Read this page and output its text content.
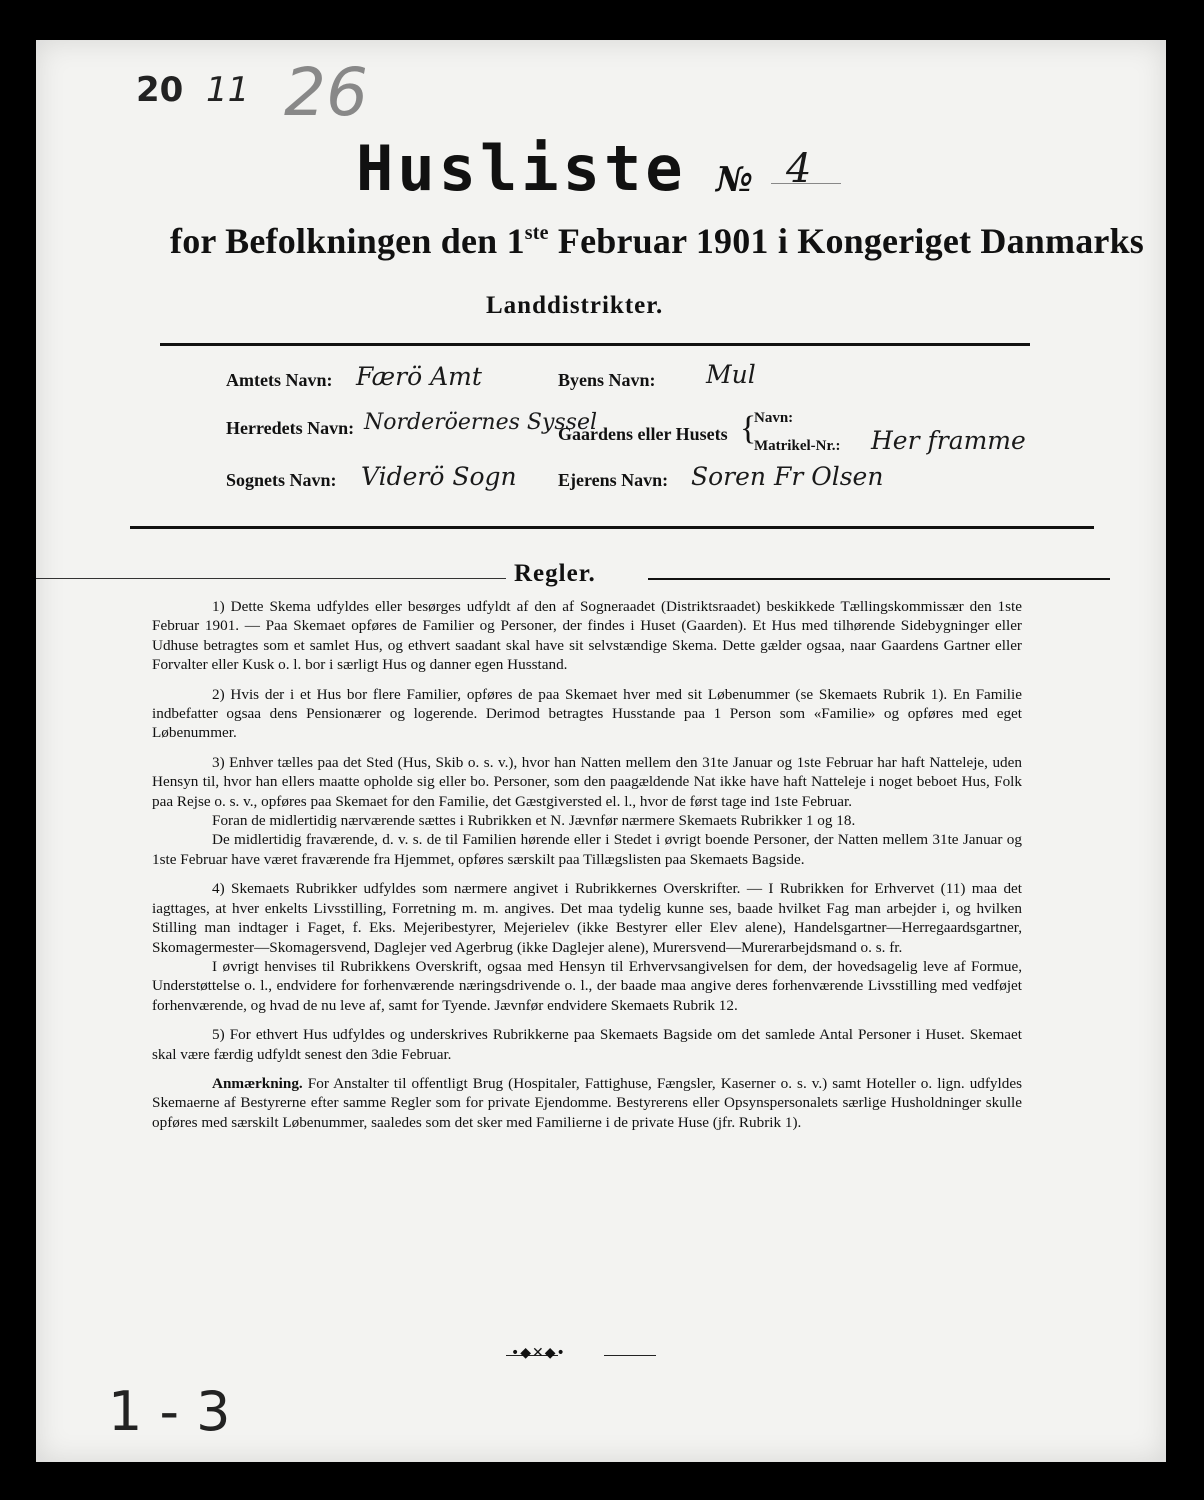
20 11 26
Husliste № 4
for Befolkningen den 1ste Februar 1901 i Kongeriget Danmarks
Landdistrikter.
Amtets Navn: Færö Amt	Byens Navn: Mul
Herredets Navn: Norderöernes Syssel
Gaardens eller Husets {
Navn:
Matrikel-Nr.: Her framme
Sognets Navn: Viderö Sogn Ejerens Navn: Soren Fr Olsen
Regler.

1) Dette Skema udfyldes eller besørges udfyldt af den af Sogneraadet (Distriktsraadet) beskikkede Tællingskommissær den 1ste Februar 1901. — Paa Skemaet opføres de Familier og Personer, der findes i Huset (Gaarden). Et Hus med tilhørende Sidebygninger eller Udhuse betragtes som et samlet Hus, og ethvert saadant skal have sit selvstændige Skema. Dette gælder ogsaa, naar Gaardens Gartner eller Forvalter eller Kusk o. l. bor i særligt Hus og danner egen Husstand.

2) Hvis der i et Hus bor flere Familier, opføres de paa Skemaet hver med sit Løbenummer (se Skemaets Rubrik 1). En Familie indbefatter ogsaa dens Pensionærer og logerende. Derimod betragtes Husstande paa 1 Person som «Familie» og opføres med eget Løbenummer.

3) Enhver tælles paa det Sted (Hus, Skib o. s. v.), hvor han Natten mellem den 31te Januar og 1ste Februar har haft Natteleje, uden Hensyn til, hvor han ellers maatte opholde sig eller bo. Personer, som den paagældende Nat ikke have haft Natteleje i noget beboet Hus, Folk paa Rejse o. s. v., opføres paa Skemaet for den Familie, det Gæstgiversted el. l., hvor de først tage ind 1ste Februar.

Foran de midlertidig nærværende sættes i Rubrikken et N. Jævnfør nærmere Skemaets Rubrikker 1 og 18.

De midlertidig fraværende, d. v. s. de til Familien hørende eller i Stedet i øvrigt boende Personer, der Natten mellem 31te Januar og 1ste Februar have været fraværende fra Hjemmet, opføres særskilt paa Tillægslisten paa Skemaets Bagside.

4) Skemaets Rubrikker udfyldes som nærmere angivet i Rubrikkernes Overskrifter. — I Rubrikken for Erhvervet (11) maa det iagttages, at hver enkelts Livsstilling, Forretning m. m. angives. Det maa tydelig kunne ses, baade hvilket Fag man arbejder i, og hvilken Stilling man indtager i Faget, f. Eks. Mejeribestyrer, Mejerielev (ikke Bestyrer eller Elev alene), Handelsgartner—Herregaardsgartner, Skomagermester—Skomagersvend, Daglejer ved Agerbrug (ikke Daglejer alene), Murersvend—Murerarbejdsmand o. s. fr.

I øvrigt henvises til Rubrikkens Overskrift, ogsaa med Hensyn til Erhvervsangivelsen for dem, der hovedsagelig leve af Formue, Understøttelse o. l., endvidere for forhenværende næringsdrivende o. l., der baade maa angive deres forhenværende Livsstilling med vedføjet forhenværende, og hvad de nu leve af, samt for Tyende. Jævnfør endvidere Skemaets Rubrik 12.

5) For ethvert Hus udfyldes og underskrives Rubrikkerne paa Skemaets Bagside om det samlede Antal Personer i Huset. Skemaet skal være færdig udfyldt senest den 3die Februar.

Anmærkning. For Anstalter til offentligt Brug (Hospitaler, Fattighuse, Fængsler, Kaserner o. s. v.) samt Hoteller o. lign. udfyldes Skemaerne af Bestyrerne efter samme Regler som for private Ejendomme. Bestyrerens eller Opsynspersonalets særlige Husholdninger skulle opføres med særskilt Løbenummer, saaledes som det sker med Familierne i de private Huse (jfr. Rubrik 1).

•◆✕◆•
1 - 3
